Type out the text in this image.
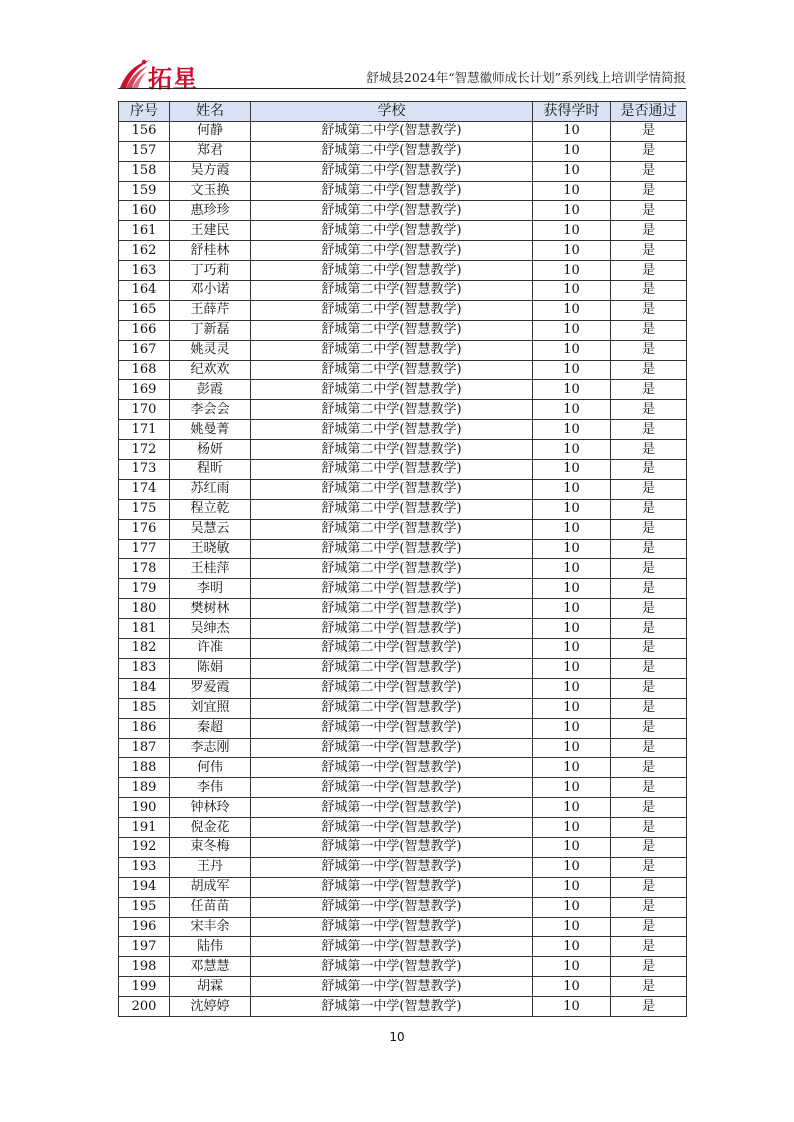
拓星	舒城县2024年“智慧徽师成长计划”系列线上培训学情简报
序号	姓名	学校	获得学时	是否通过
156	何静	舒城第二中学(智慧教学)	10	是
157	郑君	舒城第二中学(智慧教学)	10	是
158	吴方霞	舒城第二中学(智慧教学)	10	是
159	文玉换	舒城第二中学(智慧教学)	10	是
160	惠珍珍	舒城第二中学(智慧教学)	10	是
161	王建民	舒城第二中学(智慧教学)	10	是
162	舒桂林	舒城第二中学(智慧教学)	10	是
163	丁巧莉	舒城第二中学(智慧教学)	10	是
164	邓小诺	舒城第二中学(智慧教学)	10	是
165	王薛芹	舒城第二中学(智慧教学)	10	是
166	丁新磊	舒城第二中学(智慧教学)	10	是
167	姚灵灵	舒城第二中学(智慧教学)	10	是
168	纪欢欢	舒城第二中学(智慧教学)	10	是
169	彭霞	舒城第二中学(智慧教学)	10	是
170	李会会	舒城第二中学(智慧教学)	10	是
171	姚曼菁	舒城第二中学(智慧教学)	10	是
172	杨妍	舒城第二中学(智慧教学)	10	是
173	程昕	舒城第二中学(智慧教学)	10	是
174	苏红雨	舒城第二中学(智慧教学)	10	是
175	程立乾	舒城第二中学(智慧教学)	10	是
176	吴慧云	舒城第二中学(智慧教学)	10	是
177	王晓敏	舒城第二中学(智慧教学)	10	是
178	王桂萍	舒城第二中学(智慧教学)	10	是
179	李明	舒城第二中学(智慧教学)	10	是
180	樊树林	舒城第二中学(智慧教学)	10	是
181	吴绅杰	舒城第二中学(智慧教学)	10	是
182	许准	舒城第二中学(智慧教学)	10	是
183	陈娟	舒城第二中学(智慧教学)	10	是
184	罗爱霞	舒城第二中学(智慧教学)	10	是
185	刘宜照	舒城第二中学(智慧教学)	10	是
186	秦超	舒城第一中学(智慧教学)	10	是
187	李志刚	舒城第一中学(智慧教学)	10	是
188	何伟	舒城第一中学(智慧教学)	10	是
189	李伟	舒城第一中学(智慧教学)	10	是
190	钟林玲	舒城第一中学(智慧教学)	10	是
191	倪金花	舒城第一中学(智慧教学)	10	是
192	束冬梅	舒城第一中学(智慧教学)	10	是
193	王丹	舒城第一中学(智慧教学)	10	是
194	胡成军	舒城第一中学(智慧教学)	10	是
195	任苗苗	舒城第一中学(智慧教学)	10	是
196	宋丰余	舒城第一中学(智慧教学)	10	是
197	陆伟	舒城第一中学(智慧教学)	10	是
198	邓慧慧	舒城第一中学(智慧教学)	10	是
199	胡霖	舒城第一中学(智慧教学)	10	是
200	沈婷婷	舒城第一中学(智慧教学)	10	是
10
